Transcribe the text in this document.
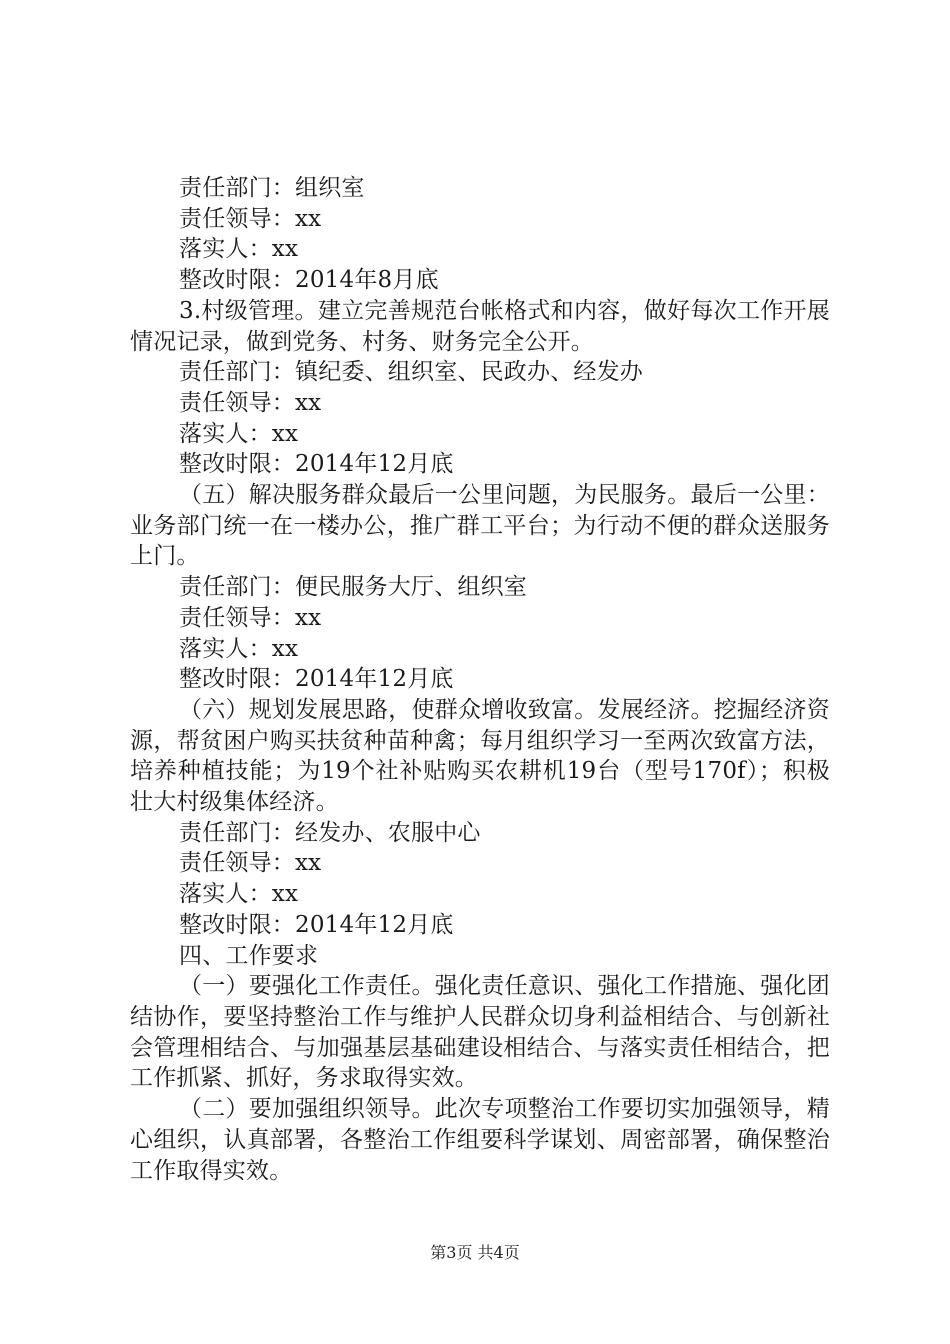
责任部门：组织室

责任领导：xx

落实人：xx

整改时限：2014年8月底

3.村级管理。建立完善规范台帐格式和内容，做好每次工作开展情况记录，做到党务、村务、财务完全公开。

责任部门：镇纪委、组织室、民政办、经发办

责任领导：xx

落实人：xx

整改时限：2014年12月底

（五）解决服务群众最后一公里问题，为民服务。最后一公里：业务部门统一在一楼办公，推广群工平台；为行动不便的群众送服务上门。

责任部门：便民服务大厅、组织室

责任领导：xx

落实人：xx

整改时限：2014年12月底

（六）规划发展思路，使群众增收致富。发展经济。挖掘经济资源，帮贫困户购买扶贫种苗种禽；每月组织学习一至两次致富方法，培养种植技能；为19个社补贴购买农耕机19台（型号170f）；积极壮大村级集体经济。

责任部门：经发办、农服中心

责任领导：xx

落实人：xx

整改时限：2014年12月底

四、工作要求

（一）要强化工作责任。强化责任意识、强化工作措施、强化团结协作，要坚持整治工作与维护人民群众切身利益相结合、与创新社会管理相结合、与加强基层基础建设相结合、与落实责任相结合，把工作抓紧、抓好，务求取得实效。

（二）要加强组织领导。此次专项整治工作要切实加强领导，精心组织，认真部署，各整治工作组要科学谋划、周密部署，确保整治工作取得实效。

第3页 共4页
